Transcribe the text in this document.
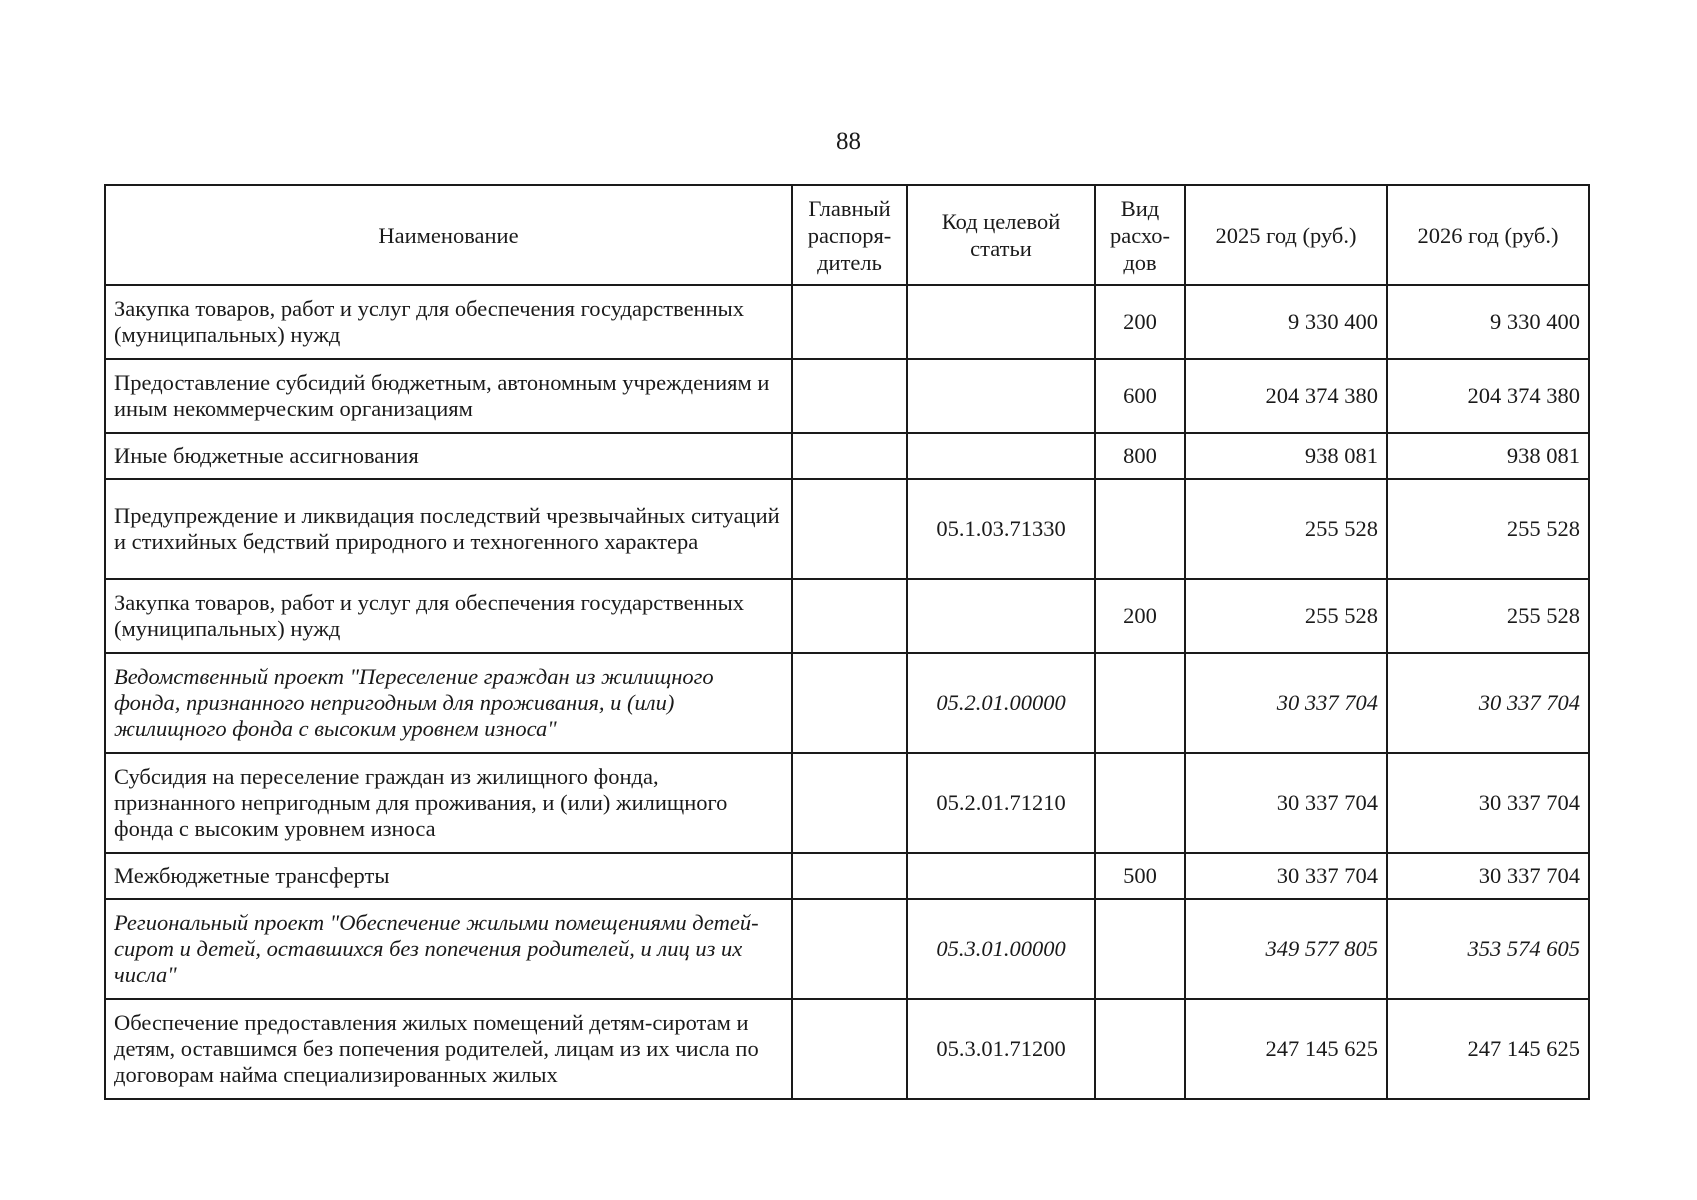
88
Наименование	Главный распоря-дитель	Код целевой статьи	Вид расхо-дов	2025 год (руб.)	2026 год (руб.)
Закупка товаров, работ и услуг для обеспечения государственных (муниципальных) нужд			200	9 330 400	9 330 400
Предоставление субсидий бюджетным, автономным учреждениям и иным некоммерческим организациям			600	204 374 380	204 374 380
Иные бюджетные ассигнования			800	938 081	938 081
Предупреждение и ликвидация последствий чрезвычайных ситуаций и стихийных бедствий природного и техногенного характера		05.1.03.71330		255 528	255 528
Закупка товаров, работ и услуг для обеспечения государственных (муниципальных) нужд			200	255 528	255 528
Ведомственный проект "Переселение граждан из жилищного фонда, признанного непригодным для проживания, и (или) жилищного фонда с высоким уровнем износа"		05.2.01.00000		30 337 704	30 337 704
Субсидия на переселение граждан из жилищного фонда, признанного непригодным для проживания, и (или) жилищного фонда с высоким уровнем износа		05.2.01.71210		30 337 704	30 337 704
Межбюджетные трансферты			500	30 337 704	30 337 704
Региональный проект "Обеспечение жилыми помещениями детей-сирот и детей, оставшихся без попечения родителей, и лиц из их числа"		05.3.01.00000		349 577 805	353 574 605
Обеспечение предоставления жилых помещений детям-сиротам и детям, оставшимся без попечения родителей, лицам из их числа по договорам найма специализированных жилых		05.3.01.71200		247 145 625	247 145 625
